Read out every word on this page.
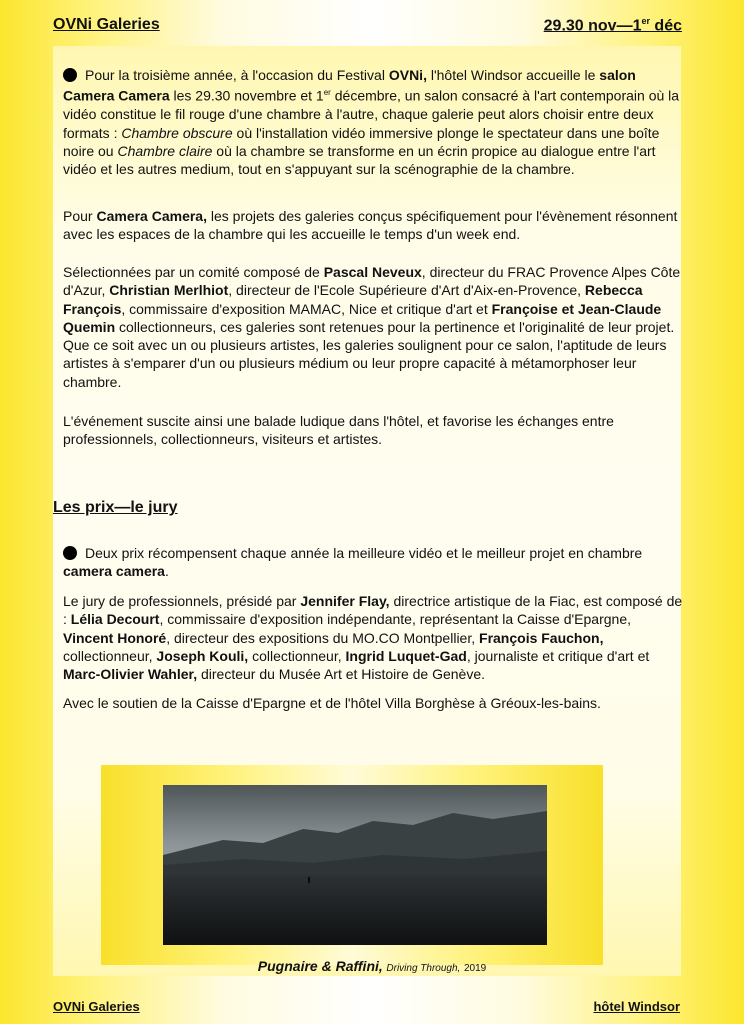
OVNi Galeries	29.30 nov—1er déc

Pour la troisième année, à l'occasion du Festival OVNi, l'hôtel Windsor accueille le salon Camera Camera les 29.30 novembre et 1er décembre, un salon consacré à l'art contemporain où la vidéo constitue le fil rouge d'une chambre à l'autre, chaque galerie peut alors choisir entre deux formats : Chambre obscure où l'installation vidéo immersive plonge le spectateur dans une boîte noire ou Chambre claire où la chambre se transforme en un écrin propice au dialogue entre l'art vidéo et les autres medium, tout en s'appuyant sur la scénographie de la chambre.

Pour Camera Camera, les projets des galeries conçus spécifiquement pour l'évènement résonnent avec les espaces de la chambre qui les accueille le temps d'un week end.

Sélectionnées par un comité composé de Pascal Neveux, directeur du FRAC Provence Alpes Côte d'Azur, Christian Merlhiot, directeur de l'Ecole Supérieure d'Art d'Aix-en-Provence, Rebecca François, commissaire d'exposition MAMAC, Nice et critique d'art et Françoise et Jean-Claude Quemin collectionneurs, ces galeries sont retenues pour la pertinence et l'originalité de leur projet. Que ce soit avec un ou plusieurs artistes, les galeries soulignent pour ce salon, l'aptitude de leurs artistes à s'emparer d'un ou plusieurs médium ou leur propre capacité à métamorphoser leur chambre.

L'événement suscite ainsi une balade ludique dans l'hôtel, et favorise les échanges entre professionnels, collectionneurs, visiteurs et artistes.

Les prix—le jury

Deux prix récompensent chaque année la meilleure vidéo et le meilleur projet en chambre camera camera.

Le jury de professionnels, présidé par Jennifer Flay, directrice artistique de la Fiac, est composé de : Lélia Decourt, commissaire d'exposition indépendante, représentant la Caisse d'Epargne, Vincent Honoré, directeur des expositions du MO.CO Montpellier, François Fauchon, collectionneur, Joseph Kouli, collectionneur, Ingrid Luquet-Gad, journaliste et critique d'art et Marc-Olivier Wahler, directeur du Musée Art et Histoire de Genève.

Avec le soutien de la Caisse d'Epargne et de l'hôtel Villa Borghèse à Gréoux-les-bains.

Pugnaire & Raffini, Driving Through, 2019
OVNi Galeries	hôtel Windsor
